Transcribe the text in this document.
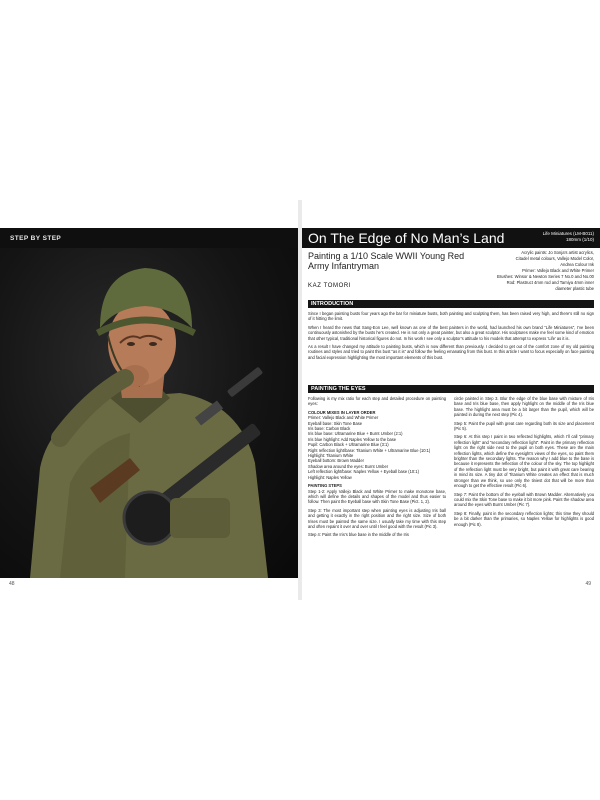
STEP BY STEP
48
On The Edge of No Man’s Land	Life Miniatures (LM-B011)
180mm (1/10)
Painting a 1/10 Scale WWII Young Red Army Infantryman
KAZ TOMORI
Acrylic paints: Jo Sonja’s artist acrylics,
Citadel metal colours, Vallejo Model Color,
Andrea Colour Ink
Primer: Vallejo Black and White Primer
Brushes: Winsor & Newton Series 7 No.0 and No.00
Rod: Plastruct 4mm rod and Tamiya 4mm inner
diameter plastic tube
INTRODUCTION

Since I began painting busts four years ago the bar for miniature busts, both painting and sculpting them, has been raised very high, and there’s still no sign of it hitting the limit.

When I heard the news that Sang-Eon Lee, well known as one of the best painters in the world, had launched his own brand “Life Miniatures”, I’ve been continuously astonished by the busts he’s created. He is not only a great painter, but also a great sculptor. His sculptures make me feel some kind of emotion that other typical, traditional historical figures do not. In his work I see only a sculptor’s attitude to his models that attempt to express ‘Life’ as it is.

As a result I have changed my attitude to painting busts, which is now different than previously. I decided to get out of the comfort zone of my old painting routines and styles and tried to paint this bust “as it is” and follow the feeling emanating from this bust. In this article I want to focus especially on face painting and facial expression highlighting the most important elements of this bust.

PAINTING THE EYES

Following is my mix ratio for each step and detailed procedure on painting eyes:

COLOUR MIXES IN LAYER ORDER
Primer: Vallejo Black and White Primer
Eyeball base: Skin Tone Base
Iris base: Carbon Black
Iris blue base: Ultramarine Blue + Burnt Umber (2:1)
Iris blue highlight: Add Naples Yellow to the base
Pupil: Carbon Black + Ultramarine Blue (3:1)
Right reflection light/base: Titanium White + Ultramarine Blue (10:1)
Highlight: Titanium White
Eyeball bottom: Brown Madder
Shadow area around the eyes: Burnt Umber
Left reflection light/base: Naples Yellow + Eyeball base (10:1)
Highlight: Naples Yellow
PAINTING STEPS

Step 1-2: Apply Vallejo Black and White Primer to make monotone base, which will define the details and shapes of the model and thus easier to follow. Then paint the Eyeball base with Skin Tone Base (Pict. 1, 2).

Step 3: The most important step when painting eyes is adjusting Iris ball and getting it exactly in the right position and the right size. Size of both Irises must be painted the same size. I usually take my time with this step and often repaint it over and over until I feel good with the result (Pic 3).

Step 4: Paint the Iris’s blue base in the middle of the Iris

circle painted in Step 3. Blur the edge of the blue base with mixture of Iris base and Iris blue base, then apply highlight on the middle of the Iris blue base. The highlight area must be a bit larger than the pupil, which will be painted in during the next step (Pic 4).

Step 5: Paint the pupil with great care regarding both its size and placement (Pic 5).

Step 6: At this step I paint in two reflected highlights, which I’ll call “primary reflection light” and “secondary reflection light”. Paint in the primary reflection light on the right side next to the pupil on both eyes. These are the main reflection lights, which define the eyesight’s views of the eyes, so paint them brighter than the secondary lights. The reason why I add blue to the base is because it represents the reflection of the colour of the sky. The top highlight of the reflection light must be very bright, but paint it with great care bearing in mind its size. A tiny dot of Titanium White creates an effect that is much stronger than we think, so use only the tiniest dot that will be more than enough to get the effective result (Pic 6).

Step 7: Paint the bottom of the eyeball with Brown Madder. Alternatively you could mix the Skin Tone base to make it bit more pink. Paint the shadow area around the eyes with Burnt Umber (Pic 7).

Step 8: Finally, paint in the secondary reflection lights; this time they should be a bit darker than the primaries, so Naples Yellow for highlights is good enough (Pic 8).

49
